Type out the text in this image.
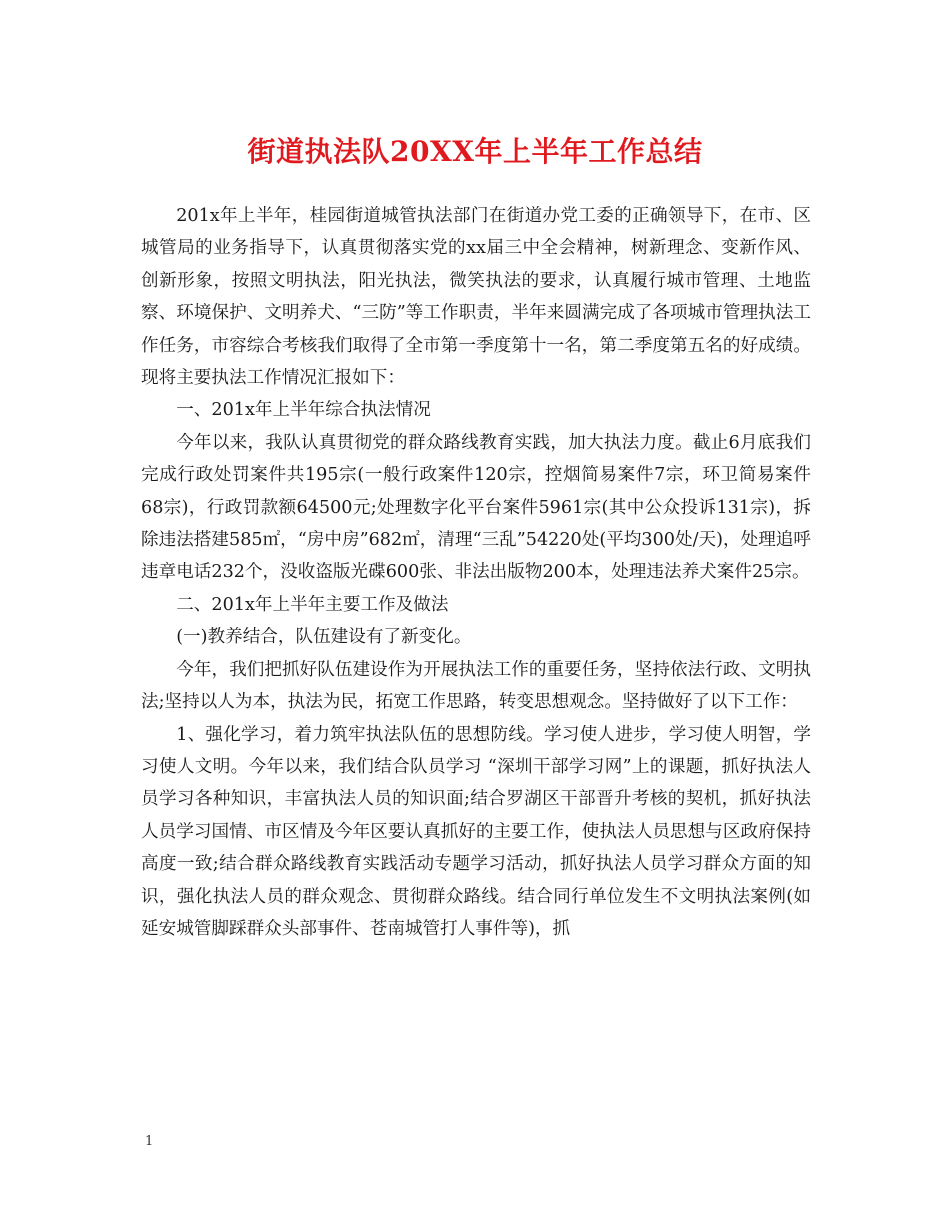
街道执法队20XX年上半年工作总结

201x年上半年，桂园街道城管执法部门在街道办党工委的正确领导下，在市、区城管局的业务指导下，认真贯彻落实党的xx届三中全会精神，树新理念、变新作风、创新形象，按照文明执法，阳光执法，微笑执法的要求，认真履行城市管理、土地监察、环境保护、文明养犬、“三防”等工作职责，半年来圆满完成了各项城市管理执法工作任务，市容综合考核我们取得了全市第一季度第十一名，第二季度第五名的好成绩。现将主要执法工作情况汇报如下：

一、201x年上半年综合执法情况

今年以来，我队认真贯彻党的群众路线教育实践，加大执法力度。截止6月底我们完成行政处罚案件共195宗(一般行政案件120宗，控烟简易案件7宗，环卫简易案件68宗)，行政罚款额64500元;处理数字化平台案件5961宗(其中公众投诉131宗)，拆除违法搭建585㎡，“房中房”682㎡，清理“三乱”54220处(平均300处/天)，处理追呼违章电话232个，没收盗版光碟600张、非法出版物200本，处理违法养犬案件25宗。

二、201x年上半年主要工作及做法

(一)教养结合，队伍建设有了新变化。

今年，我们把抓好队伍建设作为开展执法工作的重要任务，坚持依法行政、文明执法;坚持以人为本，执法为民，拓宽工作思路，转变思想观念。坚持做好了以下工作：

1、强化学习，着力筑牢执法队伍的思想防线。学习使人进步，学习使人明智，学习使人文明。今年以来，我们结合队员学习 “深圳干部学习网”上的课题，抓好执法人员学习各种知识，丰富执法人员的知识面;结合罗湖区干部晋升考核的契机，抓好执法人员学习国情、市区情及今年区要认真抓好的主要工作，使执法人员思想与区政府保持高度一致;结合群众路线教育实践活动专题学习活动，抓好执法人员学习群众方面的知识，强化执法人员的群众观念、贯彻群众路线。结合同行单位发生不文明执法案例(如延安城管脚踩群众头部事件、苍南城管打人事件等)，抓

1
